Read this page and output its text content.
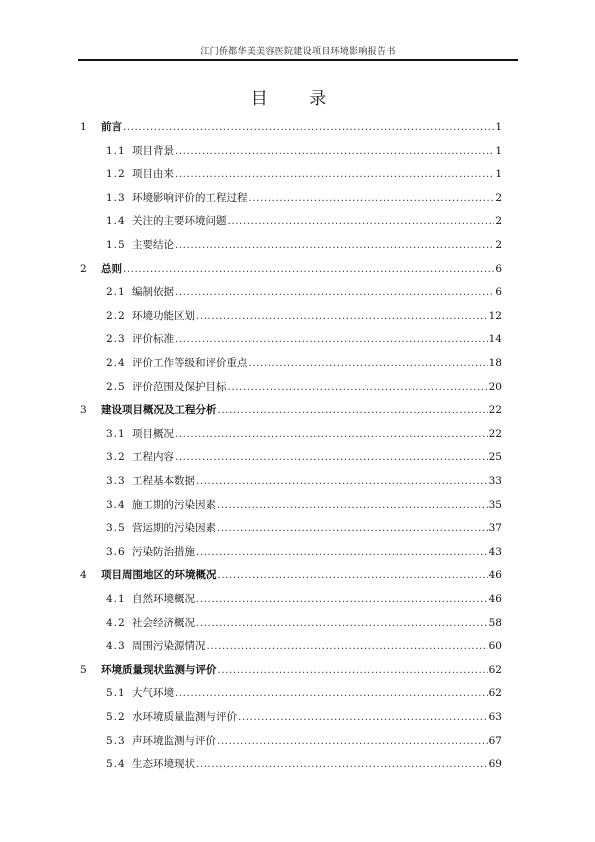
江门侨都华美美容医院建设项目环境影响报告书
目 录
1	前言 .....	1
1.1 项目背景 .....	1
1.2 项目由来 .....	1
1.3 环境影响评价的工程过程 .....	2
1.4 关注的主要环境问题 .....	2
1.5 主要结论 .....	2
2	总则 .....	6
2.1 编制依据 .....	6
2.2 环境功能区划 .....	12
2.3 评价标准 .....	14
2.4 评价工作等级和评价重点 .....	18
2.5 评价范围及保护目标 .....	20
3	建设项目概况及工程分析 .....	22
3.1 项目概况 .....	22
3.2 工程内容 .....	25
3.3 工程基本数据 .....	33
3.4 施工期的污染因素 .....	35
3.5 营运期的污染因素 .....	37
3.6 污染防治措施 .....	43
4	项目周围地区的环境概况 .....	46
4.1 自然环境概况 .....	46
4.2 社会经济概况 .....	58
4.3 周围污染源情况 .....	60
5	环境质量现状监测与评价 .....	62
5.1 大气环境 .....	62
5.2 水环境质量监测与评价 .....	63
5.3 声环境监测与评价 .....	67
5.4 生态环境现状 .....	69
